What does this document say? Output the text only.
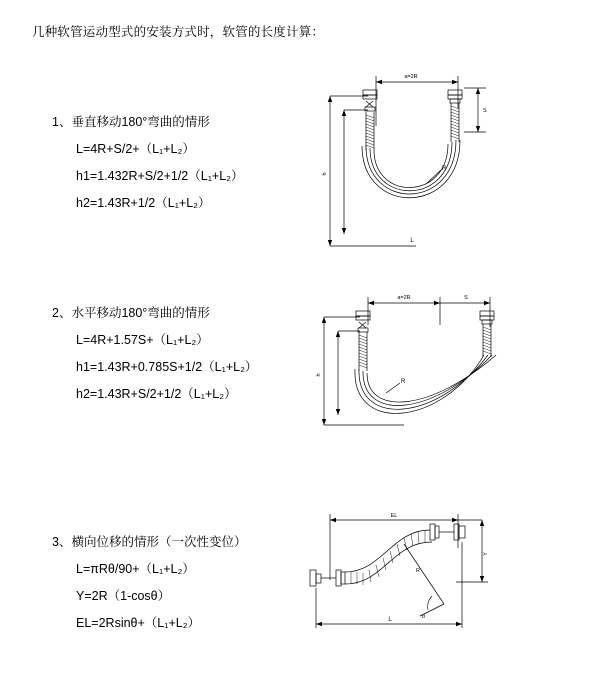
几种软管运动型式的安装方式时，软管的长度计算：
1、垂直移动180°弯曲的情形
L=4R+S/2+（L₁+L₂）
h1=1.432R+S/2+1/2（L₁+L₂）
h2=1.43R+1/2（L₁+L₂）
a=2R
h
S
R
L
2、水平移动180°弯曲的情形
L=4R+1.57S+（L₁+L₂）
h1=1.43R+0.785S+1/2（L₁+L₂）
h2=1.43R+S/2+1/2（L₁+L₂）
a=2R	S
h
R
3、横向位移的情形（一次性变位）
L=πRθ/90+（L₁+L₂）
Y=2R（1-cosθ）
EL=2Rsinθ+（L₁+L₂）
EL
Y
θ
R
L
